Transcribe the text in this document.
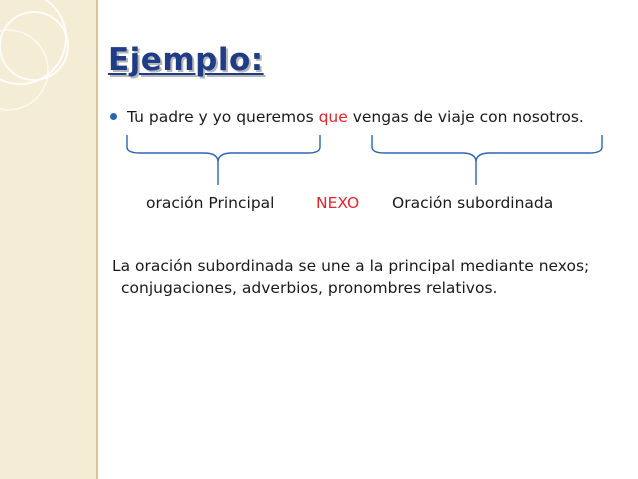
Ejemplo:
Tu padre y yo queremos que vengas de viaje con nosotros.
oración Principal	NEXO Oración subordinada

La oración subordinada se une a la principal mediante nexos;
conjugaciones, adverbios, pronombres relativos.
